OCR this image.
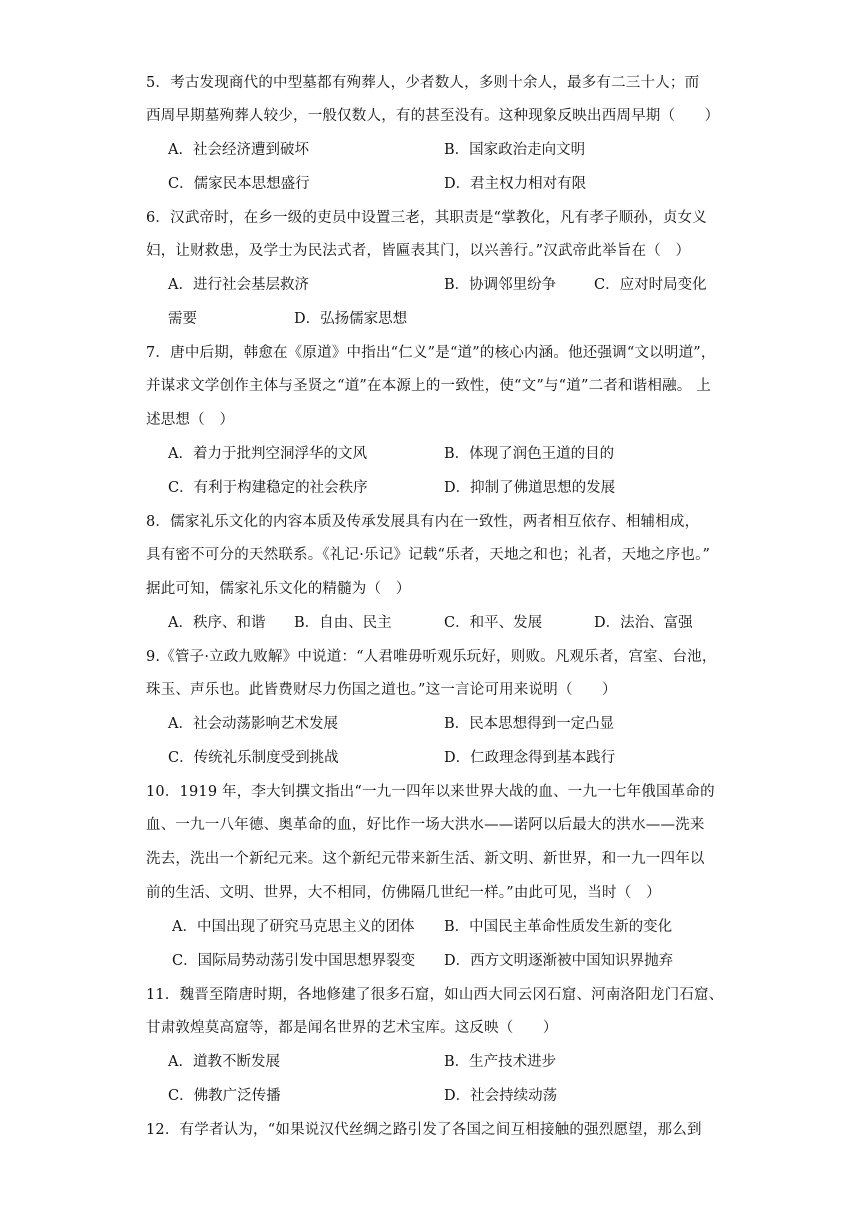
5．考古发现商代的中型墓都有殉葬人，少者数人，多则十余人，最多有二三十人；而
西周早期墓殉葬人较少，一般仅数人，有的甚至没有。这种现象反映出西周早期（　　）
A．社会经济遭到破坏	B．国家政治走向文明
C．儒家民本思想盛行	D．君主权力相对有限
6．汉武帝时，在乡一级的吏员中设置三老，其职责是“掌教化，凡有孝子顺孙，贞女义
妇，让财救患，及学士为民法式者，皆匾表其门，以兴善行。”汉武帝此举旨在（　）
A．进行社会基层救济	B．协调邻里纷争	C．应对时局变化
需要	D．弘扬儒家思想
7．唐中后期，韩愈在《原道》中指出“仁义”是“道”的核心内涵。他还强调“文以明道”，
并谋求文学创作主体与圣贤之“道”在本源上的一致性，使“文”与“道”二者和谐相融。 上
述思想（　）
A．着力于批判空洞浮华的文风	B．体现了润色王道的目的
C．有利于构建稳定的社会秩序	D．抑制了佛道思想的发展
8．儒家礼乐文化的内容本质及传承发展具有内在一致性，两者相互依存、相辅相成，
具有密不可分的天然联系。《礼记·乐记》记载“乐者，天地之和也；礼者，天地之序也。”
据此可知，儒家礼乐文化的精髓为（　）
A．秩序、和谐 B．自由、民主	C．和平、发展	D．法治、富强
9.《管子·立政九败解》中说道：“人君唯毋听观乐玩好，则败。凡观乐者，宫室、台池，
珠玉、声乐也。此皆费财尽力伤国之道也。”这一言论可用来说明（　　）
A．社会动荡影响艺术发展	B．民本思想得到一定凸显
C．传统礼乐制度受到挑战	D．仁政理念得到基本践行
10．1919 年，李大钊撰文指出“一九一四年以来世界大战的血、一九一七年俄国革命的
血、一九一八年德、奥革命的血，好比作一场大洪水——诺阿以后最大的洪水——洗来
洗去，洗出一个新纪元来。这个新纪元带来新生活、新文明、新世界，和一九一四年以
前的生活、文明、世界，大不相同，仿佛隔几世纪一样。”由此可见，当时（　）
A．中国出现了研究马克思主义的团体 B．中国民主革命性质发生新的变化
C．国际局势动荡引发中国思想界裂变 D．西方文明逐渐被中国知识界抛弃
11．魏晋至隋唐时期，各地修建了很多石窟，如山西大同云冈石窟、河南洛阳龙门石窟、
甘肃敦煌莫高窟等，都是闻名世界的艺术宝库。这反映（　　）
A．道教不断发展	B．生产技术进步
C．佛教广泛传播	D．社会持续动荡
12．有学者认为，“如果说汉代丝绸之路引发了各国之间互相接触的强烈愿望，那么到
